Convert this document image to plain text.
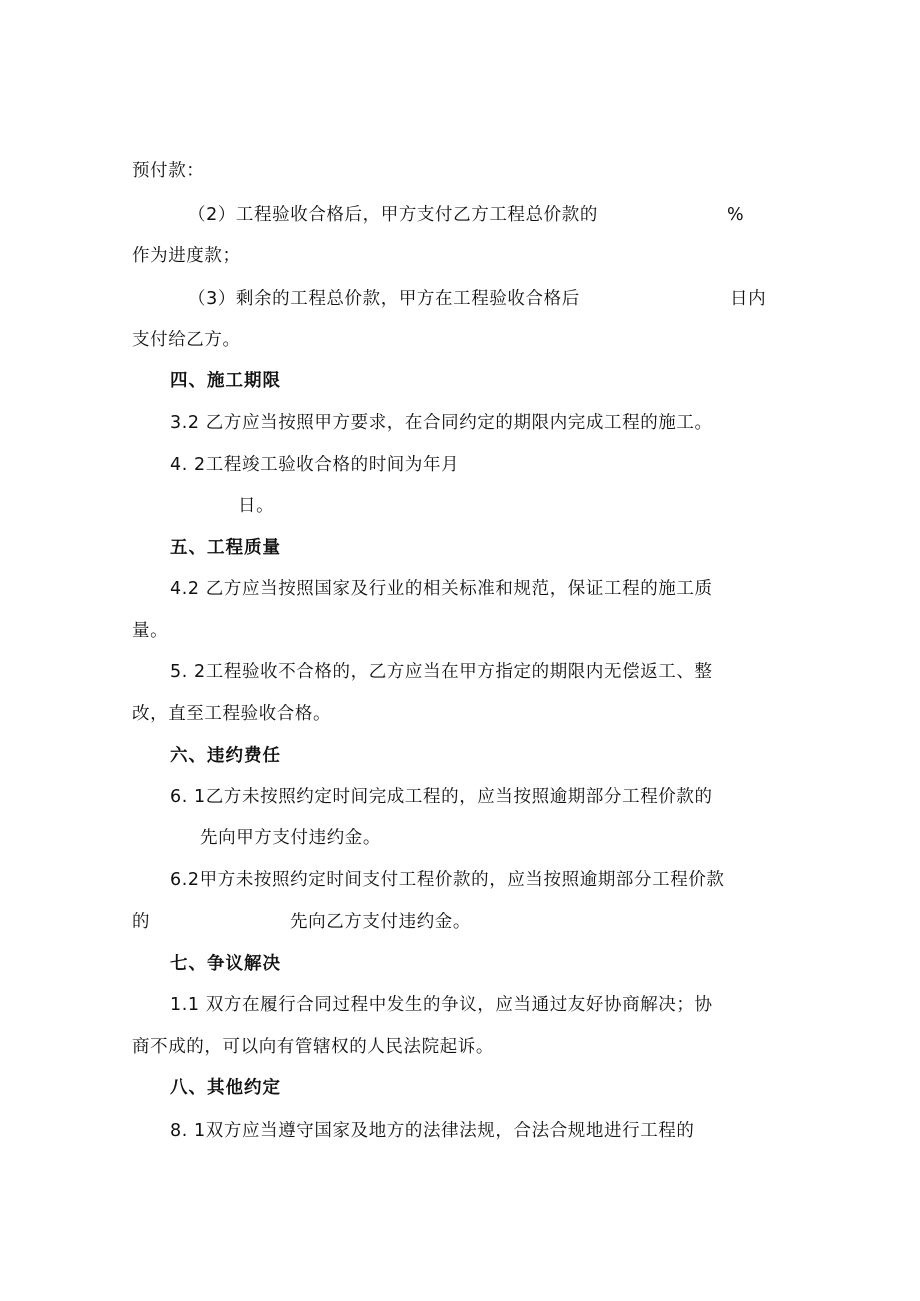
预付款：
（2）工程验收合格后，甲方支付乙方工程总价款的	%
作为进度款；
（3）剩余的工程总价款，甲方在工程验收合格后	日内
支付给乙方。
四、施工期限
3.2 乙方应当按照甲方要求，在合同约定的期限内完成工程的施工。
4. 2工程竣工验收合格的时间为年月
日。
五、工程质量
4.2 乙方应当按照国家及行业的相关标准和规范，保证工程的施工质
量。
5. 2工程验收不合格的，乙方应当在甲方指定的期限内无偿返工、整
改，直至工程验收合格。
六、违约费任
6. 1乙方未按照约定时间完成工程的，应当按照逾期部分工程价款的
先向甲方支付违约金。
6.2甲方未按照约定时间支付工程价款的，应当按照逾期部分工程价款
的	先向乙方支付违约金。
七、争议解决
1.1 双方在履行合同过程中发生的争议，应当通过友好协商解决；协
商不成的，可以向有管辖权的人民法院起诉。
八、其他约定
8. 1双方应当遵守国家及地方的法律法规，合法合规地进行工程的
